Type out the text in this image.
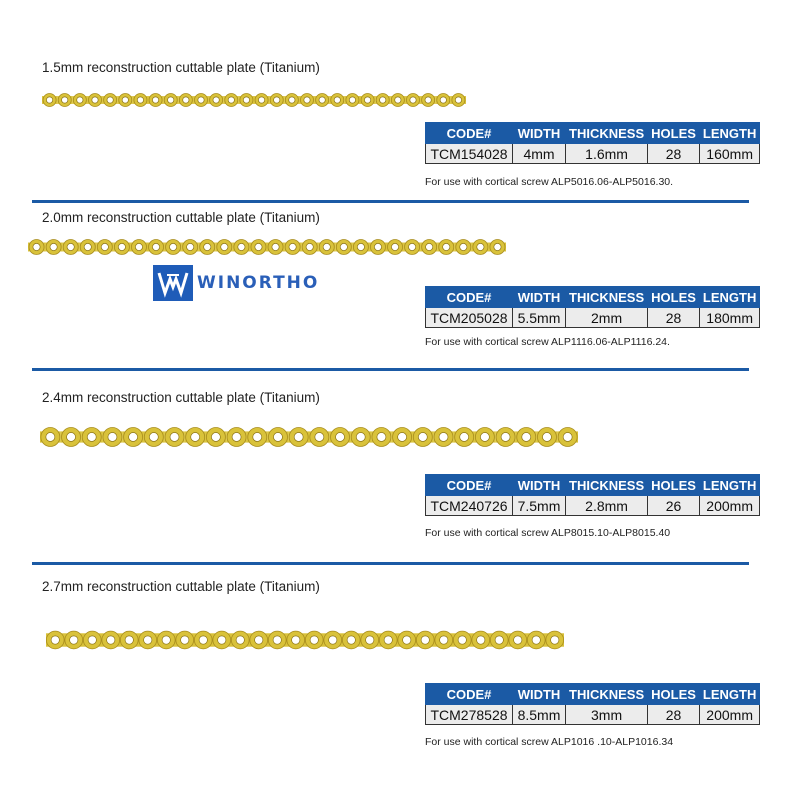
1.5mm reconstruction cuttable plate (Titanium)
CODE#	WIDTH	THICKNESS	HOLES	LENGTH
TCM154028	4mm	1.6mm	28	160mm
For use with cortical screw ALP5016.06-ALP5016.30.
2.0mm reconstruction cuttable plate (Titanium)
WINORTHO
CODE#	WIDTH	THICKNESS	HOLES	LENGTH
TCM205028	5.5mm	2mm	28	180mm
For use with cortical screw ALP1116.06-ALP1116.24.
2.4mm reconstruction cuttable plate (Titanium)
CODE#	WIDTH	THICKNESS	HOLES	LENGTH
TCM240726	7.5mm	2.8mm	26	200mm
For use with cortical screw ALP8015.10-ALP8015.40
2.7mm reconstruction cuttable plate (Titanium)
CODE#	WIDTH	THICKNESS	HOLES	LENGTH
TCM278528	8.5mm	3mm	28	200mm
For use with cortical screw ALP1016 .10-ALP1016.34
